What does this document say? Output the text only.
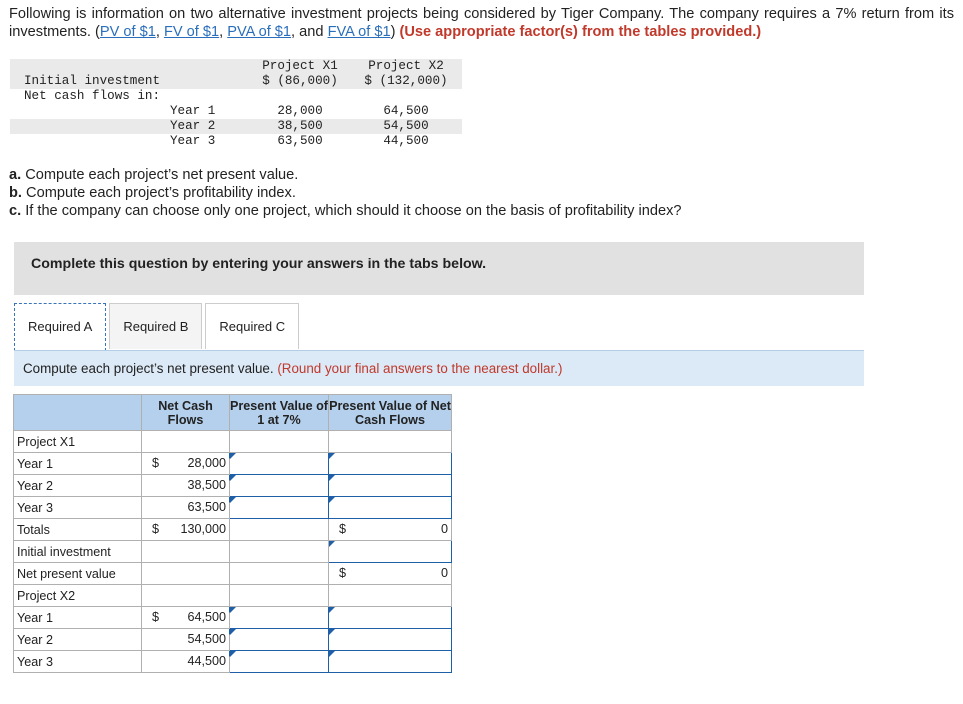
Following is information on two alternative investment projects being considered by Tiger Company. The company requires a 7% return from its investments. (PV of $1, FV of $1, PVA of $1, and FVA of $1) (Use appropriate factor(s) from the tables provided.)
Project X1	Project X2
Initial investment	$ (86,000)	$ (132,000)
Net cash flows in:
Year 1	28,000	64,500
Year 2	38,500	54,500
Year 3	63,500	44,500
a. Compute each project’s net present value.
b. Compute each project’s profitability index.
c. If the company can choose only one project, which should it choose on the basis of profitability index?
Complete this question by entering your answers in the tabs below.
Required A	Required B	Required C
Compute each project’s net present value. (Round your final answers to the nearest dollar.)
	Net Cash Flows	Present Value of 1 at 7%	Present Value of Net Cash Flows
Project X1			
Year 1	$ 28,000		

Year 2	38,500		

Year 3	63,500		

Totals	$ 130,000		$ 0

Initial investment			
Net present value			$ 0

Project X2			
Year 1	$ 64,500		

Year 2	54,500		

Year 3	44,500		
